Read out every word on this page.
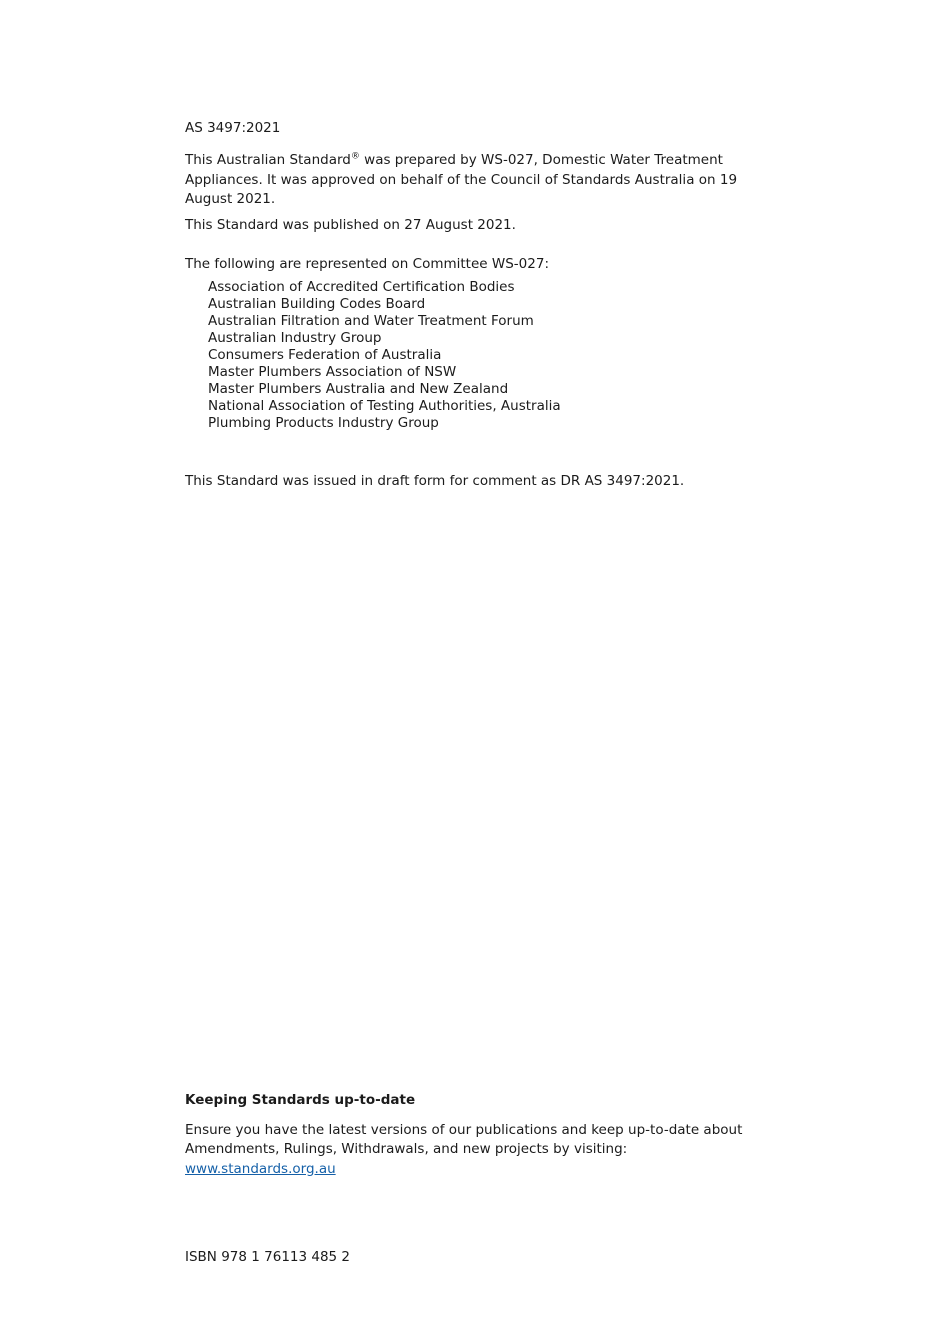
AS 3497:2021

This Australian Standard® was prepared by WS-027, Domestic Water Treatment
Appliances. It was approved on behalf of the Council of Standards Australia on 19
August 2021.

This Standard was published on 27 August 2021.

The following are represented on Committee WS-027:
Association of Accredited Certification Bodies
Australian Building Codes Board
Australian Filtration and Water Treatment Forum
Australian Industry Group
Consumers Federation of Australia
Master Plumbers Association of NSW
Master Plumbers Australia and New Zealand
National Association of Testing Authorities, Australia
Plumbing Products Industry Group

This Standard was issued in draft form for comment as DR AS 3497:2021.

Keeping Standards up-to-date

Ensure you have the latest versions of our publications and keep up-to-date about
Amendments, Rulings, Withdrawals, and new projects by visiting:
www.standards.org.au

ISBN 978 1 76113 485 2
